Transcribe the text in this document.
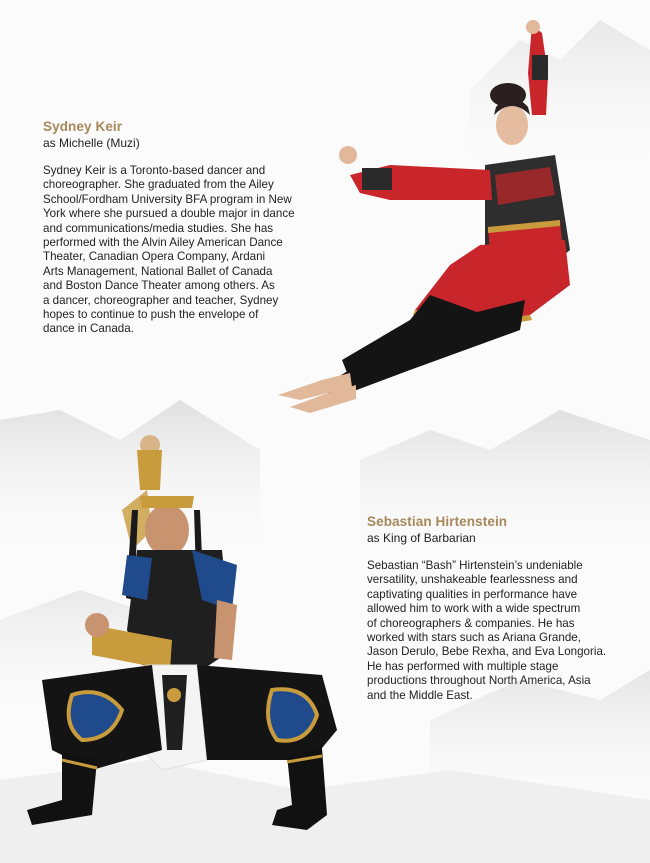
Sydney Keir

as Michelle (Muzi)

Sydney Keir is a Toronto-based dancer and
choreographer. She graduated from the Ailey
School/Fordham University BFA program in New
York where she pursued a double major in dance
and communications/media studies. She has
performed with the Alvin Ailey American Dance
Theater, Canadian Opera Company, Ardani
Arts Management, National Ballet of Canada
and Boston Dance Theater among others. As
a dancer, choreographer and teacher, Sydney
hopes to continue to push the envelope of
dance in Canada.

Sebastian Hirtenstein

as King of Barbarian

Sebastian “Bash” Hirtenstein’s undeniable
versatility, unshakeable fearlessness and
captivating qualities in performance have
allowed him to work with a wide spectrum
of choreographers & companies. He has
worked with stars such as Ariana Grande,
Jason Derulo, Bebe Rexha, and Eva Longoria.
He has performed with multiple stage
productions throughout North America, Asia
and the Middle East.
